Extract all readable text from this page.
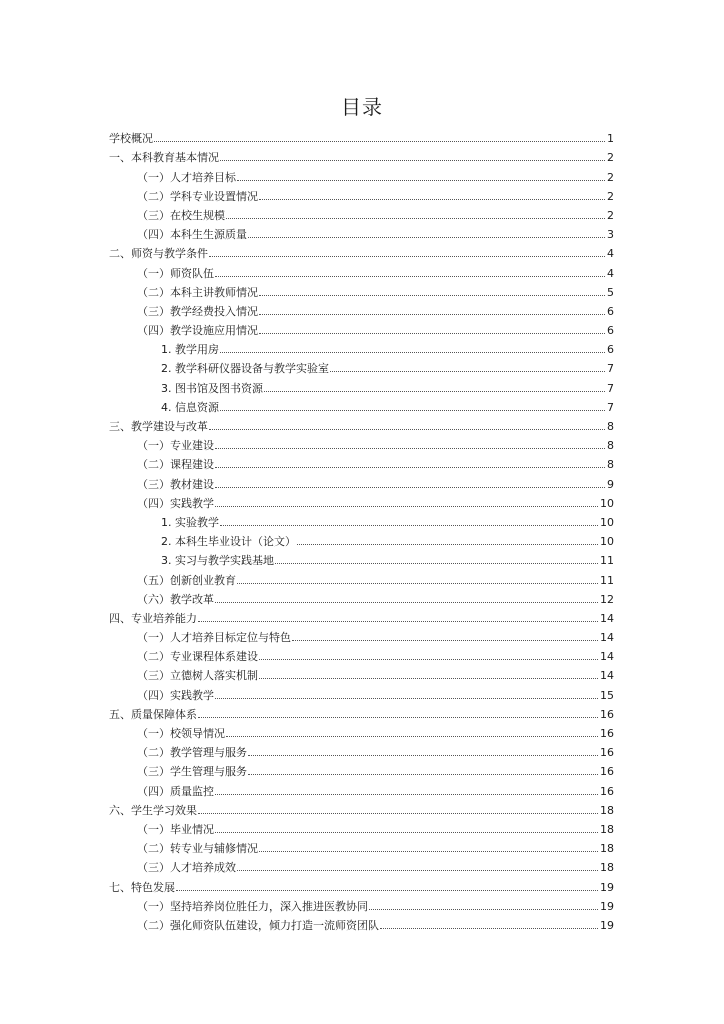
目录
学校概况	1
一、本科教育基本情况	2
（一）人才培养目标	2
（二）学科专业设置情况	2
（三）在校生规模	2
（四）本科生生源质量	3
二、师资与教学条件	4
（一）师资队伍	4
（二）本科主讲教师情况	5
（三）教学经费投入情况	6
（四）教学设施应用情况	6
1. 教学用房	6
2. 教学科研仪器设备与教学实验室	7
3. 图书馆及图书资源	7
4. 信息资源	7
三、教学建设与改革	8
（一）专业建设	8
（二）课程建设	8
（三）教材建设	9
（四）实践教学	10
1. 实验教学	10
2. 本科生毕业设计（论文）	10
3. 实习与教学实践基地	11
（五）创新创业教育	11
（六）教学改革	12
四、专业培养能力	14
（一）人才培养目标定位与特色	14
（二）专业课程体系建设	14
（三）立德树人落实机制	14
（四）实践教学	15
五、质量保障体系	16
（一）校领导情况	16
（二）教学管理与服务	16
（三）学生管理与服务	16
（四）质量监控	16
六、学生学习效果	18
（一）毕业情况	18
（二）转专业与辅修情况	18
（三）人才培养成效	18
七、特色发展	19
（一）坚持培养岗位胜任力，深入推进医教协同	19
（二）强化师资队伍建设，倾力打造一流师资团队	19
